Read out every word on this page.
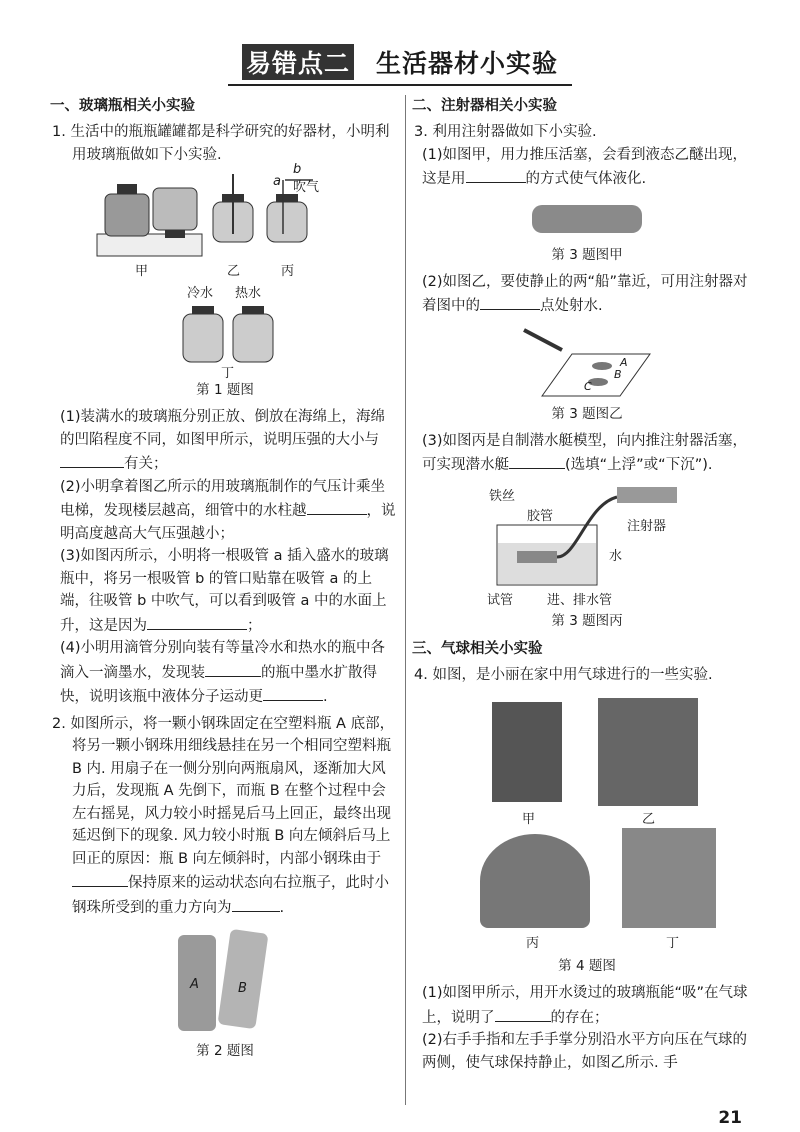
易错点二 生活器材小实验
一、玻璃瓶相关小实验

1. 生活中的瓶瓶罐罐都是科学研究的好器材，小明利用玻璃瓶做如下小实验.

甲	乙	丙
a
b
吹气
冷水 热水
丁
第 1 题图

(1)装满水的玻璃瓶分别正放、倒放在海绵上，海绵的凹陷程度不同，如图甲所示，说明压强的大小与有关；

(2)小明拿着图乙所示的用玻璃瓶制作的气压计乘坐电梯，发现楼层越高，细管中的水柱越	，说明高度越高大气压强越小；

(3)如图丙所示，小明将一根吸管 a 插入盛水的玻璃瓶中，将另一根吸管 b 的管口贴靠在吸管 a 的上端，往吸管 b 中吹气，可以看到吸管 a 中的水面上升，这是因为	；

(4)小明用滴管分别向装有等量冷水和热水的瓶中各滴入一滴墨水，发现装	的瓶中墨水扩散得快，说明该瓶中液体分子运动更	.

2. 如图所示，将一颗小钢珠固定在空塑料瓶 A 底部，将另一颗小钢珠用细线悬挂在另一个相同空塑料瓶 B 内. 用扇子在一侧分别向两瓶扇风，逐渐加大风力后，发现瓶 A 先倒下，而瓶 B 在整个过程中会左右摇晃，风力较小时摇晃后马上回正，最终出现延迟倒下的现象. 风力较小时瓶 B 向左倾斜后马上回正的原因：瓶 B 向左倾斜时，内部小钢珠由于保持原来的运动状态向右拉瓶子，此时小钢珠所受到的重力方向为	.

A	B
第 2 题图
二、注射器相关小实验

3. 利用注射器做如下小实验.

(1)如图甲，用力推压活塞，会看到液态乙醚出现，这是用	的方式使气体液化.

第 3 题图甲

(2)如图乙，要使静止的两“船”靠近，可用注射器对着图中的	点处射水.

A
B
C
第 3 题图乙

(3)如图丙是自制潜水艇模型，向内推注射器活塞，可实现潜水艇	(选填“上浮”或“下沉”).

铁丝
胶管
注射器
水
试管	进、排水管
第 3 题图丙
三、气球相关小实验

4. 如图，是小丽在家中用气球进行的一些实验.

甲	乙
丙	丁
第 4 题图

(1)如图甲所示，用开水烫过的玻璃瓶能“吸”在气球上，说明了	的存在；

(2)右手手指和左手手掌分别沿水平方向压在气球的两侧，使气球保持静止，如图乙所示. 手

21
